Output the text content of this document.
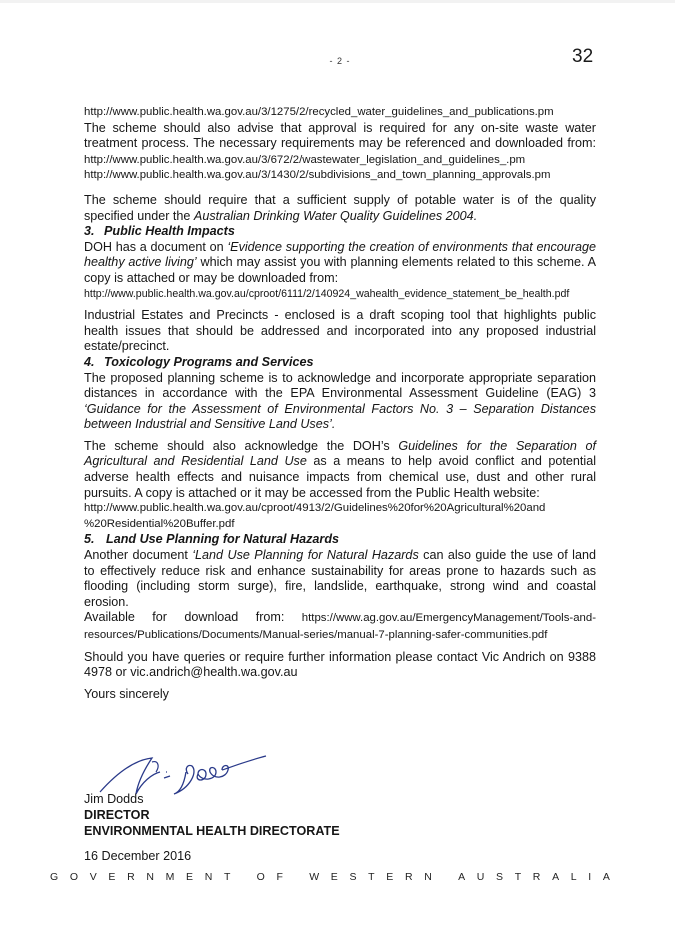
- 2 -	32

http://www.public.health.wa.gov.au/3/1275/2/recycled_water_guidelines_and_publications.pm

The scheme should also advise that approval is required for any on-site waste water treatment process. The necessary requirements may be referenced and downloaded from: http://www.public.health.wa.gov.au/3/672/2/wastewater_legislation_and_guidelines_.pm

http://www.public.health.wa.gov.au/3/1430/2/subdivisions_and_town_planning_approvals.pm

The scheme should require that a sufficient supply of potable water is of the quality specified under the Australian Drinking Water Quality Guidelines 2004.

3. Public Health Impacts

DOH has a document on ‘Evidence supporting the creation of environments that encourage healthy active living’ which may assist you with planning elements related to this scheme. A copy is attached or may be downloaded from:

http://www.public.health.wa.gov.au/cproot/6111/2/140924_wahealth_evidence_statement_be_health.pdf

Industrial Estates and Precincts - enclosed is a draft scoping tool that highlights public health issues that should be addressed and incorporated into any proposed industrial estate/precinct.

4. Toxicology Programs and Services

The proposed planning scheme is to acknowledge and incorporate appropriate separation distances in accordance with the EPA Environmental Assessment Guideline (EAG) 3 ‘Guidance for the Assessment of Environmental Factors No. 3 – Separation Distances between Industrial and Sensitive Land Uses’.

The scheme should also acknowledge the DOH’s Guidelines for the Separation of Agricultural and Residential Land Use as a means to help avoid conflict and potential adverse health effects and nuisance impacts from chemical use, dust and other rural pursuits. A copy is attached or it may be accessed from the Public Health website:

http://www.public.health.wa.gov.au/cproot/4913/2/Guidelines%20for%20Agricultural%20and %20Residential%20Buffer.pdf

5. Land Use Planning for Natural Hazards

Another document ‘Land Use Planning for Natural Hazards can also guide the use of land to effectively reduce risk and enhance sustainability for areas prone to hazards such as flooding (including storm surge), fire, landslide, earthquake, strong wind and coastal erosion.

Available for download from: https://www.ag.gov.au/EmergencyManagement/Tools-and-resources/Publications/Documents/Manual-series/manual-7-planning-safer-communities.pdf

Should you have queries or require further information please contact Vic Andrich on 9388 4978 or vic.andrich@health.wa.gov.au

Yours sincerely

Jim Dodds
DIRECTOR
ENVIRONMENTAL HEALTH DIRECTORATE
16 December 2016
G O V E R N M E N T
	O F
	W E S T E R N
	A U S T R A L I A
